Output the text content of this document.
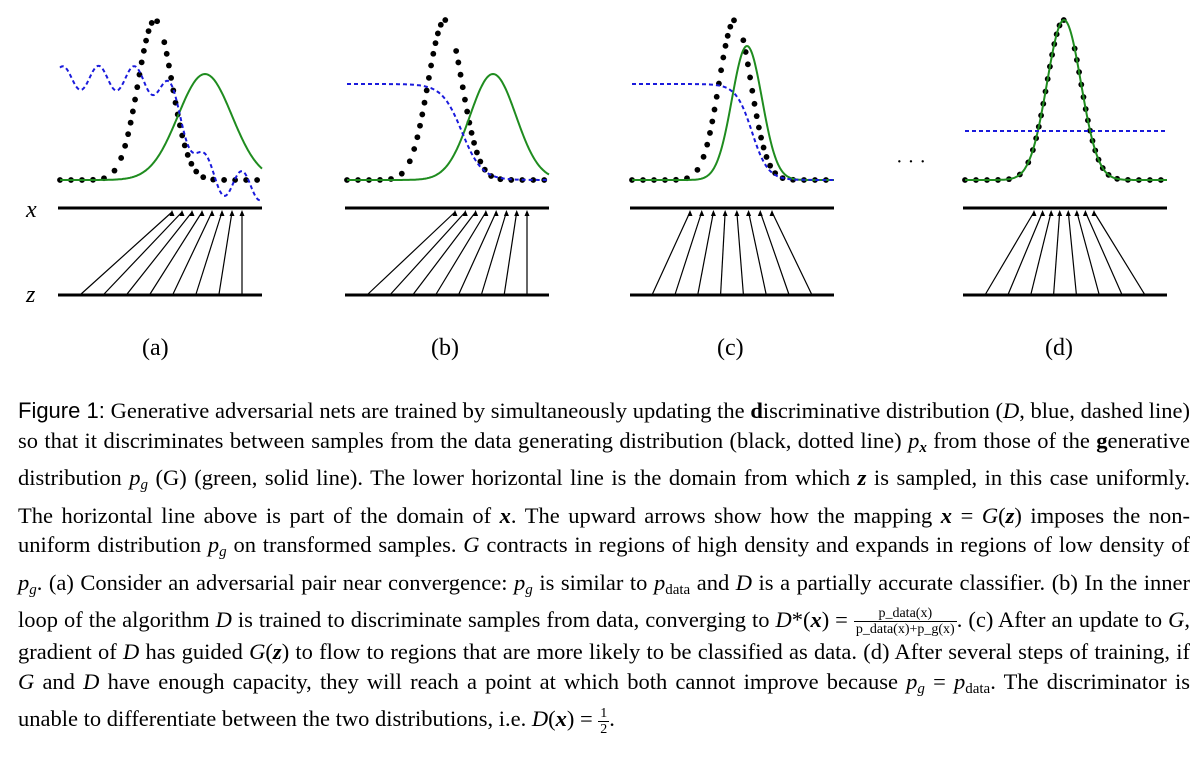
x
z
· · ·
(a)	(b)	(c)	(d)
Figure 1: Generative adversarial nets are trained by simultaneously updating the discriminative distribution (D, blue, dashed line) so that it discriminates between samples from the data generating distribution (black, dotted line) $p_x$ from those of the generative distribution $p_g$ (G) (green, solid line). The lower horizontal line is the domain from which z is sampled, in this case uniformly. The horizontal line above is part of the domain of x. The upward arrows show how the mapping x = G(z) imposes the non-uniform distribution $p_g$ on transformed samples. G contracts in regions of high density and expands in regions of low density of $p_g$. (a) Consider an adversarial pair near convergence: $p_g$ is similar to $p_{data}$ and D is a partially accurate classifier. (b) In the inner loop of the algorithm D is trained to discriminate samples from data, converging to $D*(x) = \frac{\text{p\_data(x)}}{\text{p\_data(x)+p\_g(x)}}$ . (c) After an update to G, gradient of D has guided G(z) to flow to regions that are more likely to be classified as data. (d) After several steps of training, if G and D have enough capacity, they will reach a point at which both cannot improve because $p_g = p_{data}$. The discriminator is unable to differentiate between the two distributions, i.e. $D(x) = \frac{1}{2}$ .
